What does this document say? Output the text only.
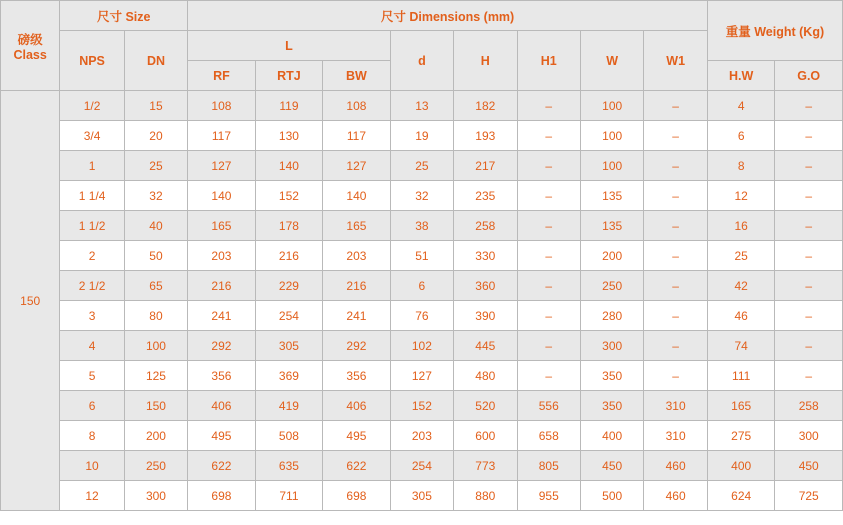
磅级 Class	尺寸 Size		尺寸 Dimensions (mm)								重量 Weight (Kg)	
	NPS	DN	L			d	H	H1	W	W1		
			RF	RTJ	BW						H.W	G.O
150	1/2	15	108	119	108	13	182	–	100	–	4	–
	3/4	20	117	130	117	19	193	–	100	–	6	–
	1	25	127	140	127	25	217	–	100	–	8	–
	1 1/4	32	140	152	140	32	235	–	135	–	12	–
	1 1/2	40	165	178	165	38	258	–	135	–	16	–
	2	50	203	216	203	51	330	–	200	–	25	–
	2 1/2	65	216	229	216	6	360	–	250	–	42	–
	3	80	241	254	241	76	390	–	280	–	46	–
	4	100	292	305	292	102	445	–	300	–	74	–
	5	125	356	369	356	127	480	–	350	–	111	–
	6	150	406	419	406	152	520	556	350	310	165	258
	8	200	495	508	495	203	600	658	400	310	275	300
	10	250	622	635	622	254	773	805	450	460	400	450
	12	300	698	711	698	305	880	955	500	460	624	725
